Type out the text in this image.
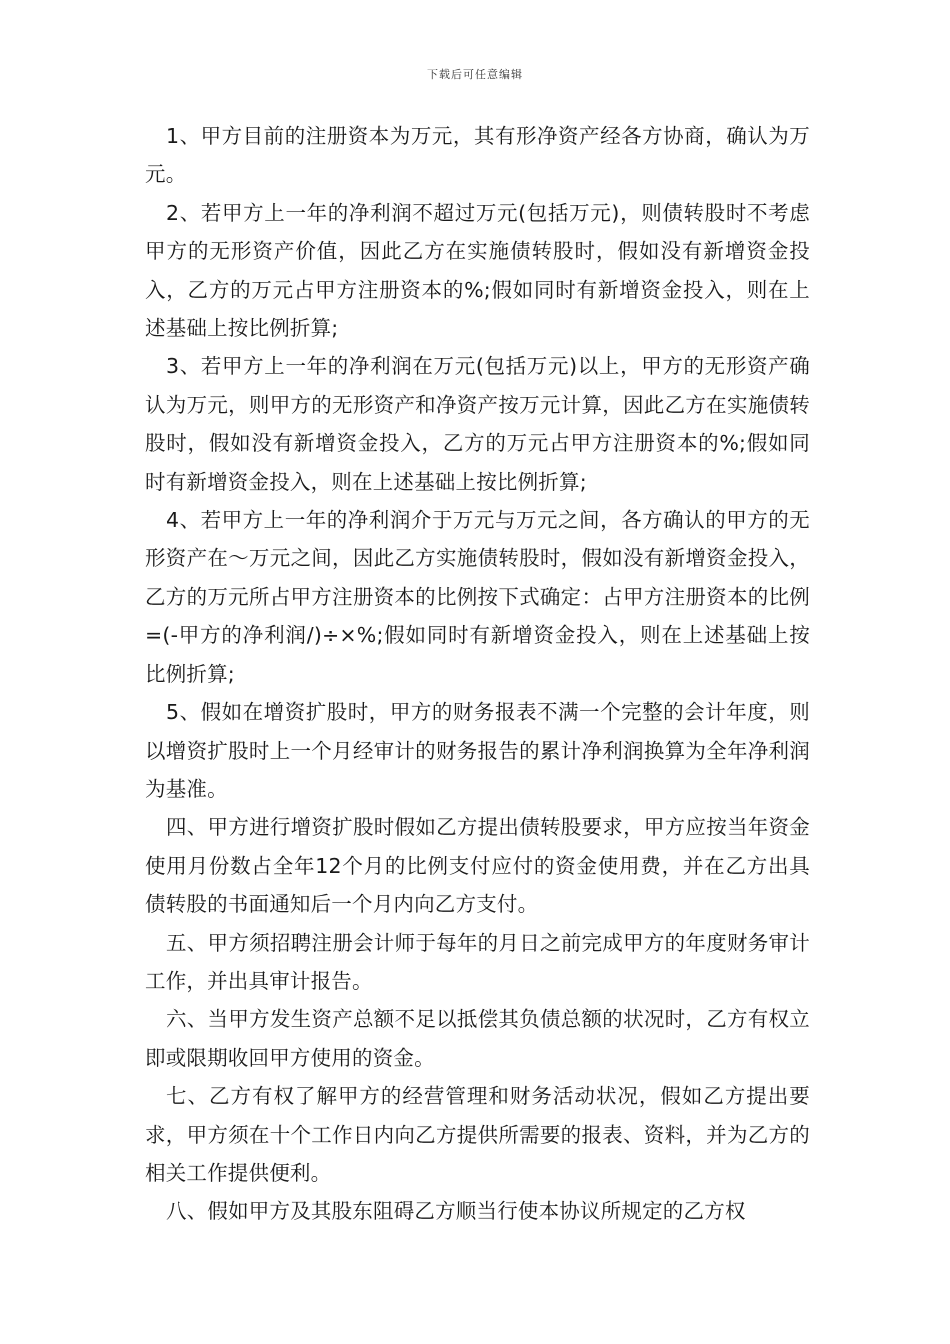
下载后可任意编辑

1、甲方目前的注册资本为万元，其有形净资产经各方协商，确认为万元。

2、若甲方上一年的净利润不超过万元(包括万元)，则债转股时不考虑甲方的无形资产价值，因此乙方在实施债转股时，假如没有新增资金投入，乙方的万元占甲方注册资本的%;假如同时有新增资金投入，则在上述基础上按比例折算;

3、若甲方上一年的净利润在万元(包括万元)以上，甲方的无形资产确认为万元，则甲方的无形资产和净资产按万元计算，因此乙方在实施债转股时，假如没有新增资金投入，乙方的万元占甲方注册资本的%;假如同时有新增资金投入，则在上述基础上按比例折算;

4、若甲方上一年的净利润介于万元与万元之间，各方确认的甲方的无形资产在～万元之间，因此乙方实施债转股时，假如没有新增资金投入，乙方的万元所占甲方注册资本的比例按下式确定：占甲方注册资本的比例=(-甲方的净利润/)÷×%;假如同时有新增资金投入，则在上述基础上按比例折算;

5、假如在增资扩股时，甲方的财务报表不满一个完整的会计年度，则以增资扩股时上一个月经审计的财务报告的累计净利润换算为全年净利润为基准。

四、甲方进行增资扩股时假如乙方提出债转股要求，甲方应按当年资金使用月份数占全年12个月的比例支付应付的资金使用费，并在乙方出具债转股的书面通知后一个月内向乙方支付。

五、甲方须招聘注册会计师于每年的月日之前完成甲方的年度财务审计工作，并出具审计报告。

六、当甲方发生资产总额不足以抵偿其负债总额的状况时，乙方有权立即或限期收回甲方使用的资金。

七、乙方有权了解甲方的经营管理和财务活动状况，假如乙方提出要求，甲方须在十个工作日内向乙方提供所需要的报表、资料，并为乙方的相关工作提供便利。

八、假如甲方及其股东阻碍乙方顺当行使本协议所规定的乙方权
